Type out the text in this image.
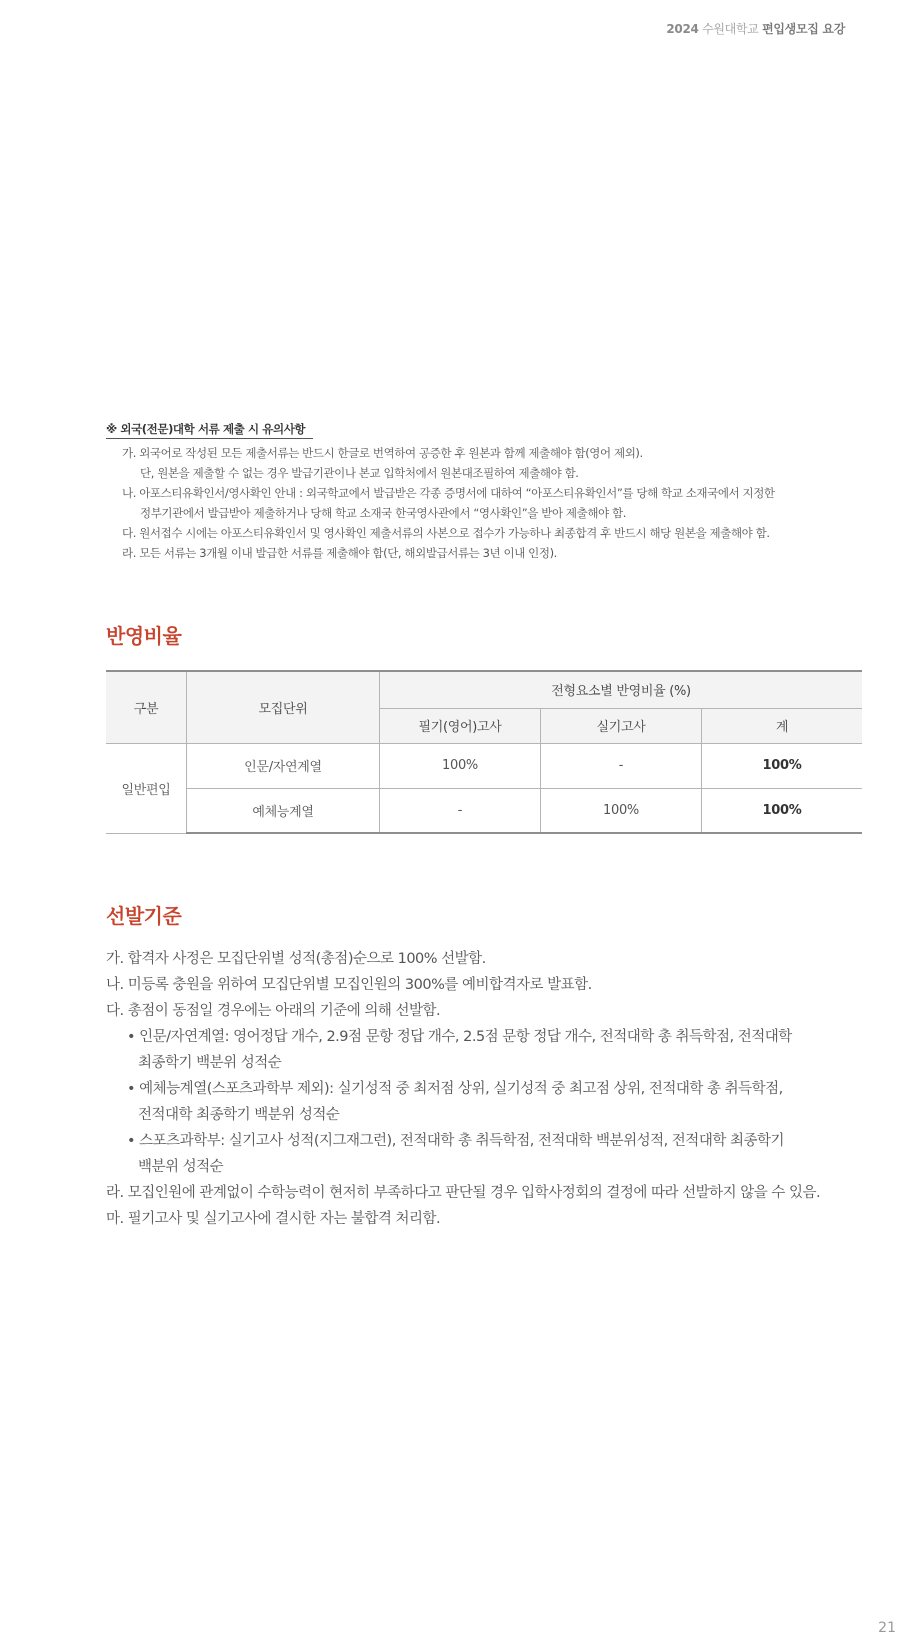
2024 수원대학교 편입생모집 요강
※ 외국(전문)대학 서류 제출 시 유의사항
가. 외국어로 작성된 모든 제출서류는 반드시 한글로 번역하여 공증한 후 원본과 함께 제출해야 함(영어 제외).
단, 원본을 제출할 수 없는 경우 발급기관이나 본교 입학처에서 원본대조필하여 제출해야 함.
나. 아포스티유확인서/영사확인 안내 : 외국학교에서 발급받은 각종 증명서에 대하여 “아포스티유확인서”를 당해 학교 소재국에서 지정한
정부기관에서 발급받아 제출하거나 당해 학교 소재국 한국영사관에서 “영사확인”을 받아 제출해야 함.
다. 원서접수 시에는 아포스티유확인서 및 영사확인 제출서류의 사본으로 접수가 가능하나 최종합격 후 반드시 해당 원본을 제출해야 함.
라. 모든 서류는 3개월 이내 발급한 서류를 제출해야 함(단, 해외발급서류는 3년 이내 인정).
반영비율
구분	모집단위	전형요소별 반영비율 (%)		
		필기(영어)고사	실기고사	계
일반편입	인문/자연계열	100%	-	100%
	예체능계열	-	100%	100%
선발기준
가. 합격자 사정은 모집단위별 성적(총점)순으로 100% 선발함.
나. 미등록 충원을 위하여 모집단위별 모집인원의 300%를 예비합격자로 발표함.
다. 총점이 동점일 경우에는 아래의 기준에 의해 선발함.
• 인문/자연계열: 영어정답 개수, 2.9점 문항 정답 개수, 2.5점 문항 정답 개수, 전적대학 총 취득학점, 전적대학
최종학기 백분위 성적순
• 예체능계열(스포츠과학부 제외): 실기성적 중 최저점 상위, 실기성적 중 최고점 상위, 전적대학 총 취득학점,
전적대학 최종학기 백분위 성적순
• 스포츠과학부: 실기고사 성적(지그재그런), 전적대학 총 취득학점, 전적대학 백분위성적, 전적대학 최종학기
백분위 성적순
라. 모집인원에 관계없이 수학능력이 현저히 부족하다고 판단될 경우 입학사정회의 결정에 따라 선발하지 않을 수 있음.
마. 필기고사 및 실기고사에 결시한 자는 불합격 처리함.
21
